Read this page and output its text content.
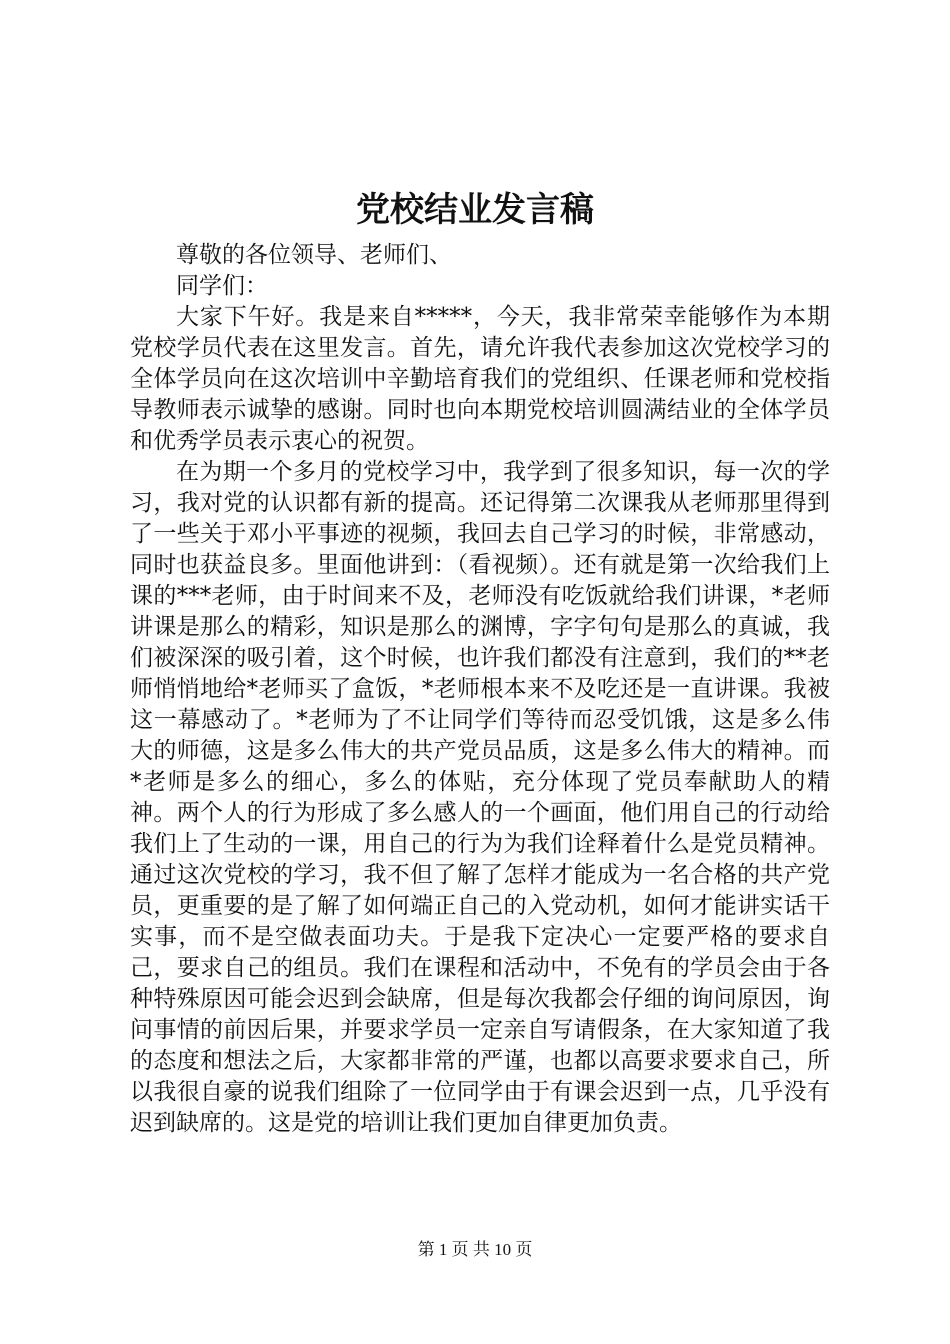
党校结业发言稿

尊敬的各位领导、老师们、

同学们：

大家下午好。我是来自*****，今天，我非常荣幸能够作为本期党校学员代表在这里发言。首先，请允许我代表参加这次党校学习的全体学员向在这次培训中辛勤培育我们的党组织、任课老师和党校指导教师表示诚挚的感谢。同时也向本期党校培训圆满结业的全体学员和优秀学员表示衷心的祝贺。

在为期一个多月的党校学习中，我学到了很多知识，每一次的学习，我对党的认识都有新的提高。还记得第二次课我从老师那里得到了一些关于邓小平事迹的视频，我回去自己学习的时候，非常感动，同时也获益良多。里面他讲到：（看视频）。还有就是第一次给我们上课的***老师，由于时间来不及，老师没有吃饭就给我们讲课，*老师讲课是那么的精彩，知识是那么的渊博，字字句句是那么的真诚，我们被深深的吸引着，这个时候，也许我们都没有注意到，我们的**老师悄悄地给*老师买了盒饭，*老师根本来不及吃还是一直讲课。我被这一幕感动了。*老师为了不让同学们等待而忍受饥饿，这是多么伟大的师德，这是多么伟大的共产党员品质，这是多么伟大的精神。而*老师是多么的细心，多么的体贴，充分体现了党员奉献助人的精神。两个人的行为形成了多么感人的一个画面，他们用自己的行动给我们上了生动的一课，用自己的行为为我们诠释着什么是党员精神。通过这次党校的学习，我不但了解了怎样才能成为一名合格的共产党员，更重要的是了解了如何端正自己的入党动机，如何才能讲实话干实事，而不是空做表面功夫。于是我下定决心一定要严格的要求自己，要求自己的组员。我们在课程和活动中，不免有的学员会由于各种特殊原因可能会迟到会缺席，但是每次我都会仔细的询问原因，询问事情的前因后果，并要求学员一定亲自写请假条，在大家知道了我的态度和想法之后，大家都非常的严谨，也都以高要求要求自己，所以我很自豪的说我们组除了一位同学由于有课会迟到一点，几乎没有迟到缺席的。这是党的培训让我们更加自律更加负责。

第 1 页 共 10 页
